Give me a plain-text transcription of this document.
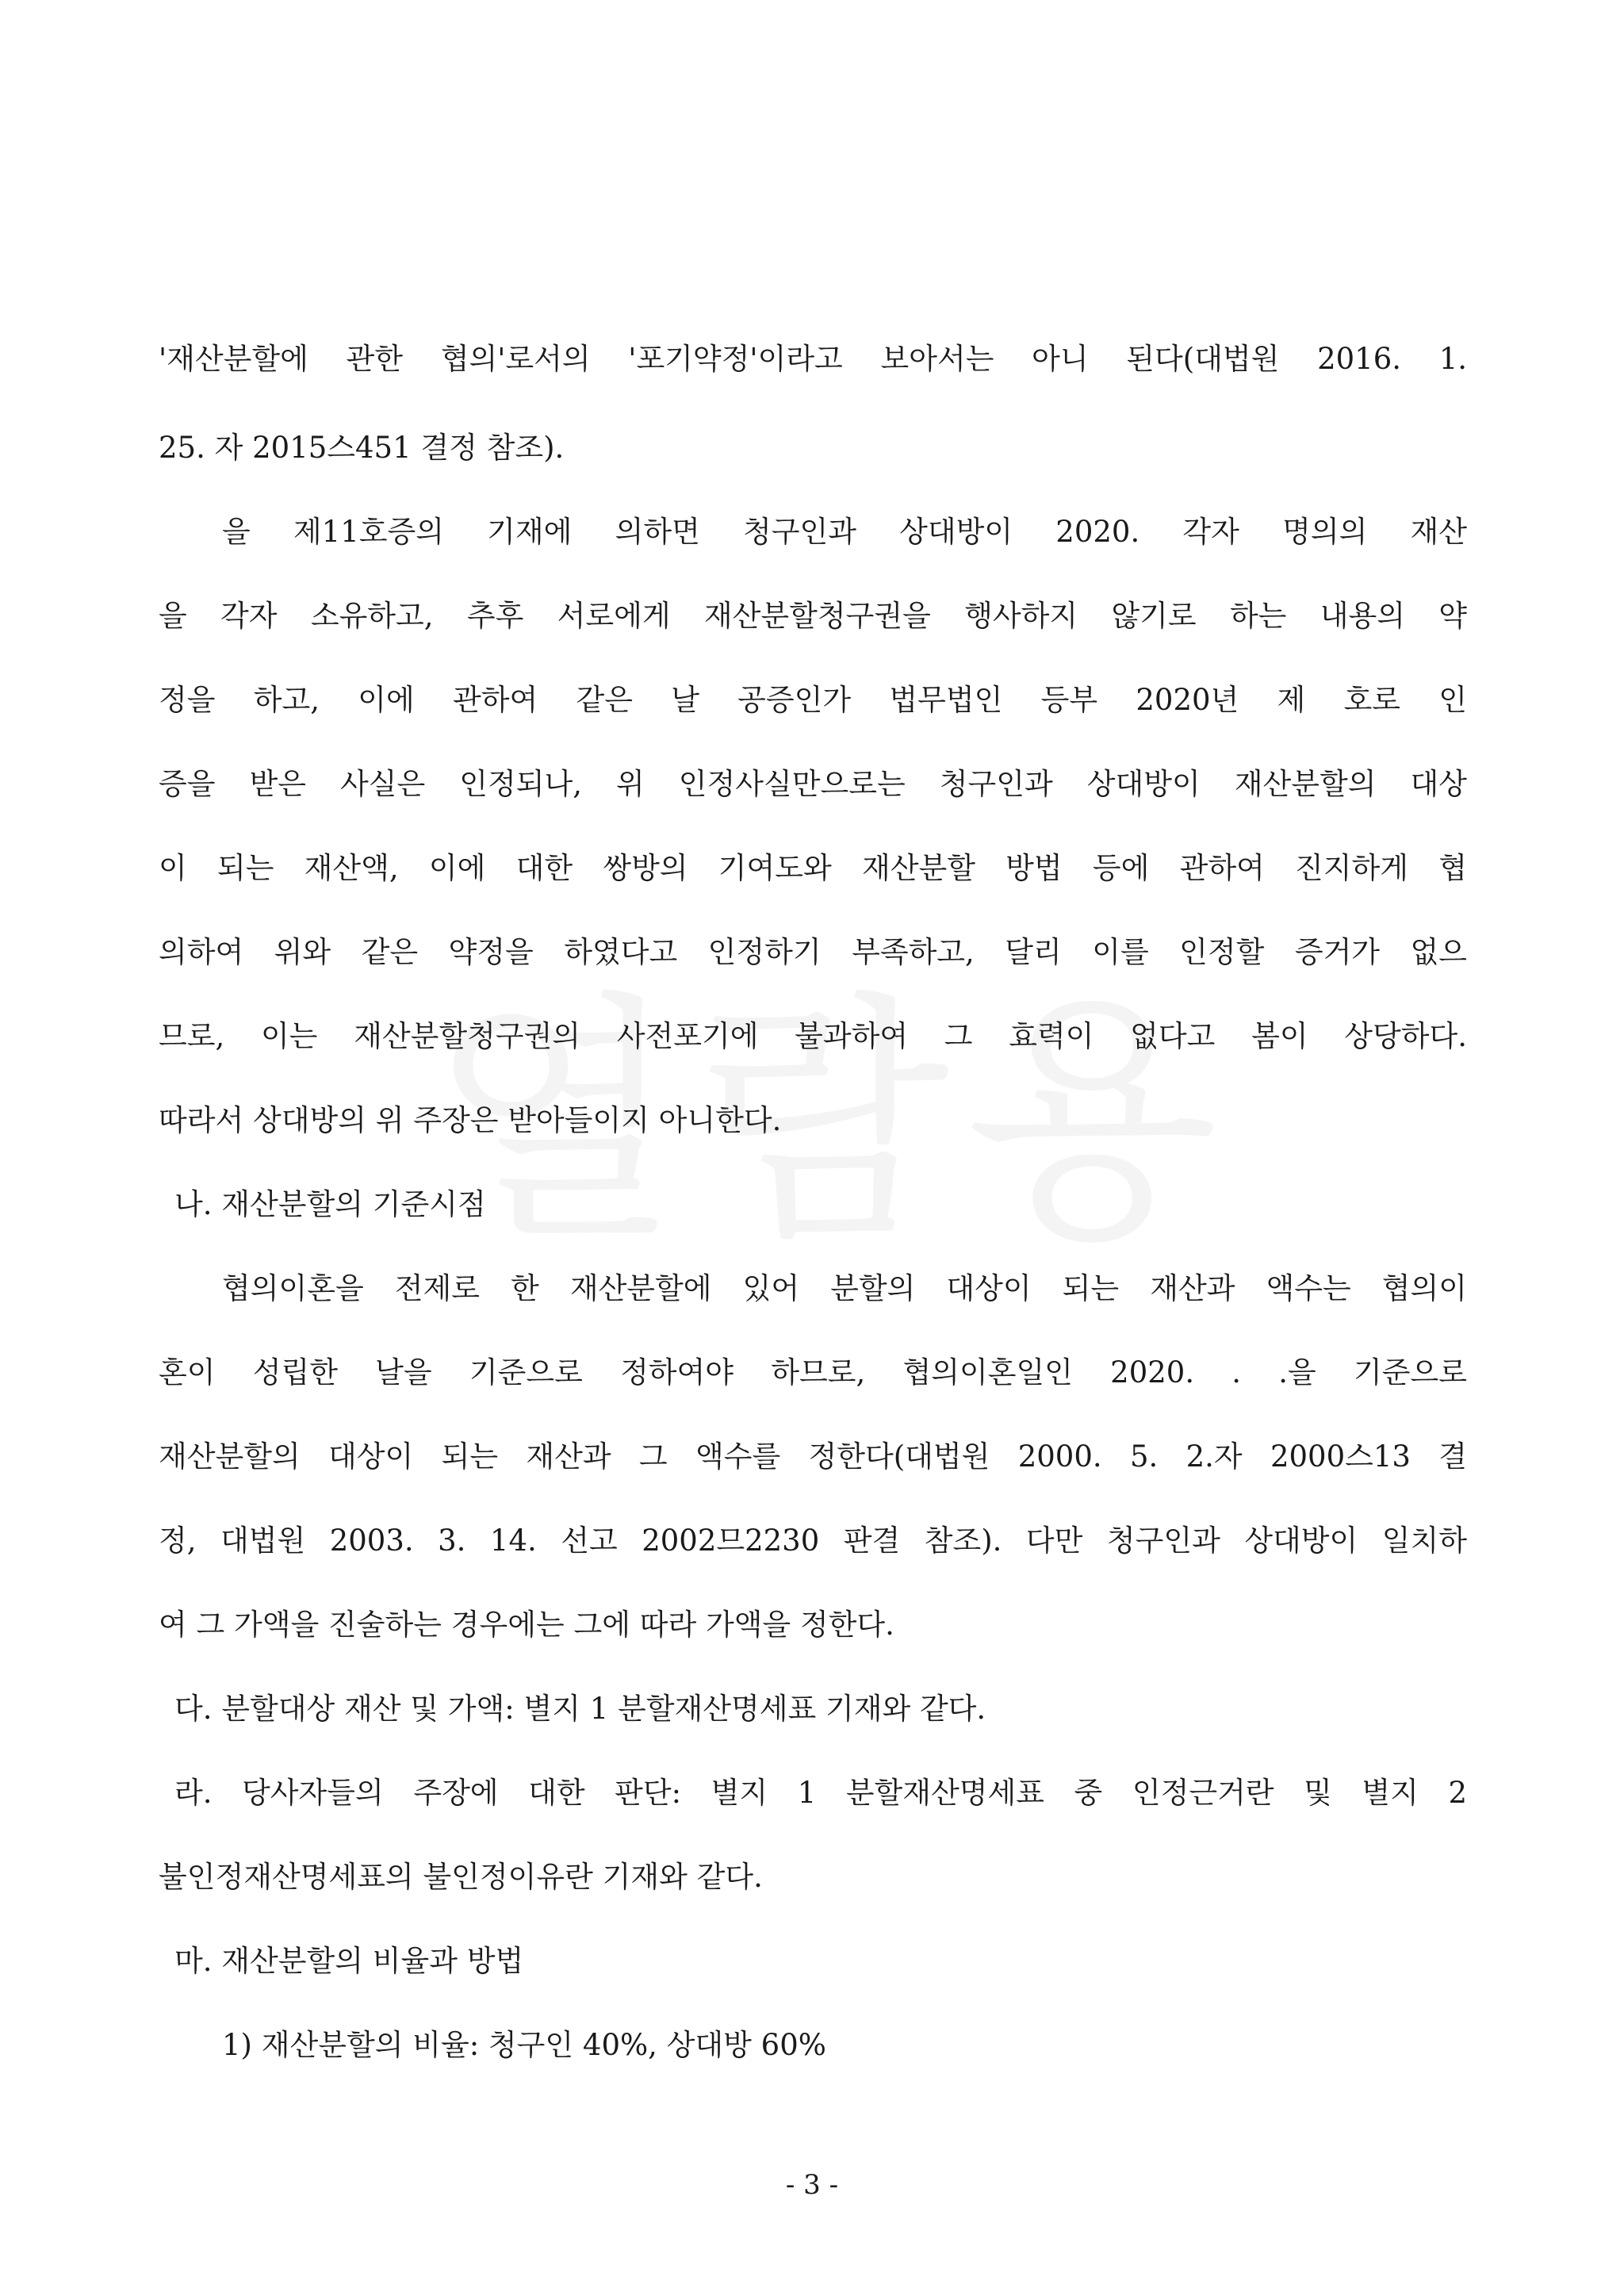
'재산분할에 관한 협의'로서의 '포기약정'이라고 보아서는 아니 된다(대법원 2016. 1.
25. 자 2015스451 결정 참조).
을 제11호증의 기재에 의하면 청구인과 상대방이 2020. 각자 명의의 재산
을 각자 소유하고, 추후 서로에게 재산분할청구권을 행사하지 않기로 하는 내용의 약
정을 하고, 이에 관하여 같은 날 공증인가 법무법인 등부 2020년 제 호로 인
증을 받은 사실은 인정되나, 위 인정사실만으로는 청구인과 상대방이 재산분할의 대상
이 되는 재산액, 이에 대한 쌍방의 기여도와 재산분할 방법 등에 관하여 진지하게 협
의하여 위와 같은 약정을 하였다고 인정하기 부족하고, 달리 이를 인정할 증거가 없으
므로, 이는 재산분할청구권의 사전포기에 불과하여 그 효력이 없다고 봄이 상당하다.
따라서 상대방의 위 주장은 받아들이지 아니한다.
나. 재산분할의 기준시점
협의이혼을 전제로 한 재산분할에 있어 분할의 대상이 되는 재산과 액수는 협의이
혼이 성립한 날을 기준으로 정하여야 하므로, 협의이혼일인 2020. . .을 기준으로
재산분할의 대상이 되는 재산과 그 액수를 정한다(대법원 2000. 5. 2.자 2000스13 결
정, 대법원 2003. 3. 14. 선고 2002므2230 판결 참조). 다만 청구인과 상대방이 일치하
여 그 가액을 진술하는 경우에는 그에 따라 가액을 정한다.
다. 분할대상 재산 및 가액: 별지 1 분할재산명세표 기재와 같다.
라. 당사자들의 주장에 대한 판단: 별지 1 분할재산명세표 중 인정근거란 및 별지 2
불인정재산명세표의 불인정이유란 기재와 같다.
마. 재산분할의 비율과 방법
1) 재산분할의 비율: 청구인 40%, 상대방 60%
- 3 -
